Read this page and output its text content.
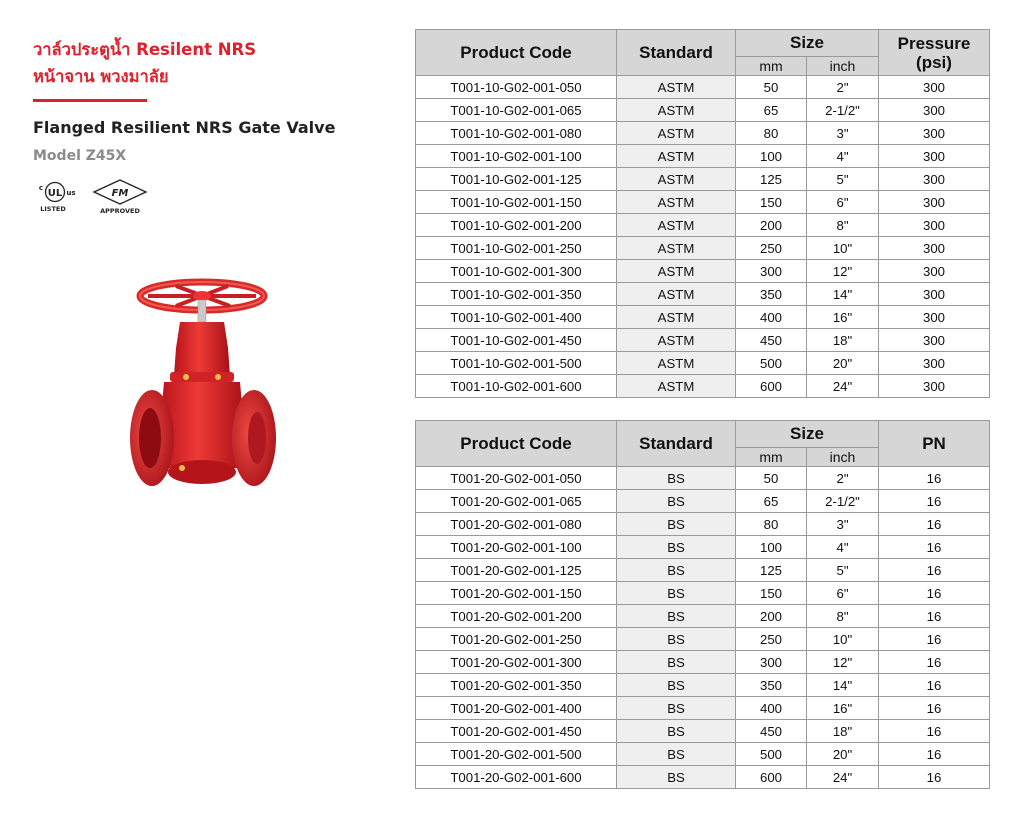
วาล์วประตูน้ำ Resilent NRS
หน้าจาน พวงมาลัย
Flanged Resilient NRS Gate Valve
Model Z45X
UL
c
us
LISTED
FM
APPROVED
Product Code	Standard	Size		Pressure
(psi)

		mm	inch	
T001-10-G02-001-050	ASTM	50	2"	300
T001-10-G02-001-065	ASTM	65	2-1/2"	300
T001-10-G02-001-080	ASTM	80	3"	300
T001-10-G02-001-100	ASTM	100	4"	300
T001-10-G02-001-125	ASTM	125	5"	300
T001-10-G02-001-150	ASTM	150	6"	300
T001-10-G02-001-200	ASTM	200	8"	300
T001-10-G02-001-250	ASTM	250	10"	300
T001-10-G02-001-300	ASTM	300	12"	300
T001-10-G02-001-350	ASTM	350	14"	300
T001-10-G02-001-400	ASTM	400	16"	300
T001-10-G02-001-450	ASTM	450	18"	300
T001-10-G02-001-500	ASTM	500	20"	300
T001-10-G02-001-600	ASTM	600	24"	300
Product Code	Standard	Size		PN
		mm	inch	
T001-20-G02-001-050	BS	50	2"	16
T001-20-G02-001-065	BS	65	2-1/2"	16
T001-20-G02-001-080	BS	80	3"	16
T001-20-G02-001-100	BS	100	4"	16
T001-20-G02-001-125	BS	125	5"	16
T001-20-G02-001-150	BS	150	6"	16
T001-20-G02-001-200	BS	200	8"	16
T001-20-G02-001-250	BS	250	10"	16
T001-20-G02-001-300	BS	300	12"	16
T001-20-G02-001-350	BS	350	14"	16
T001-20-G02-001-400	BS	400	16"	16
T001-20-G02-001-450	BS	450	18"	16
T001-20-G02-001-500	BS	500	20"	16
T001-20-G02-001-600	BS	600	24"	16
